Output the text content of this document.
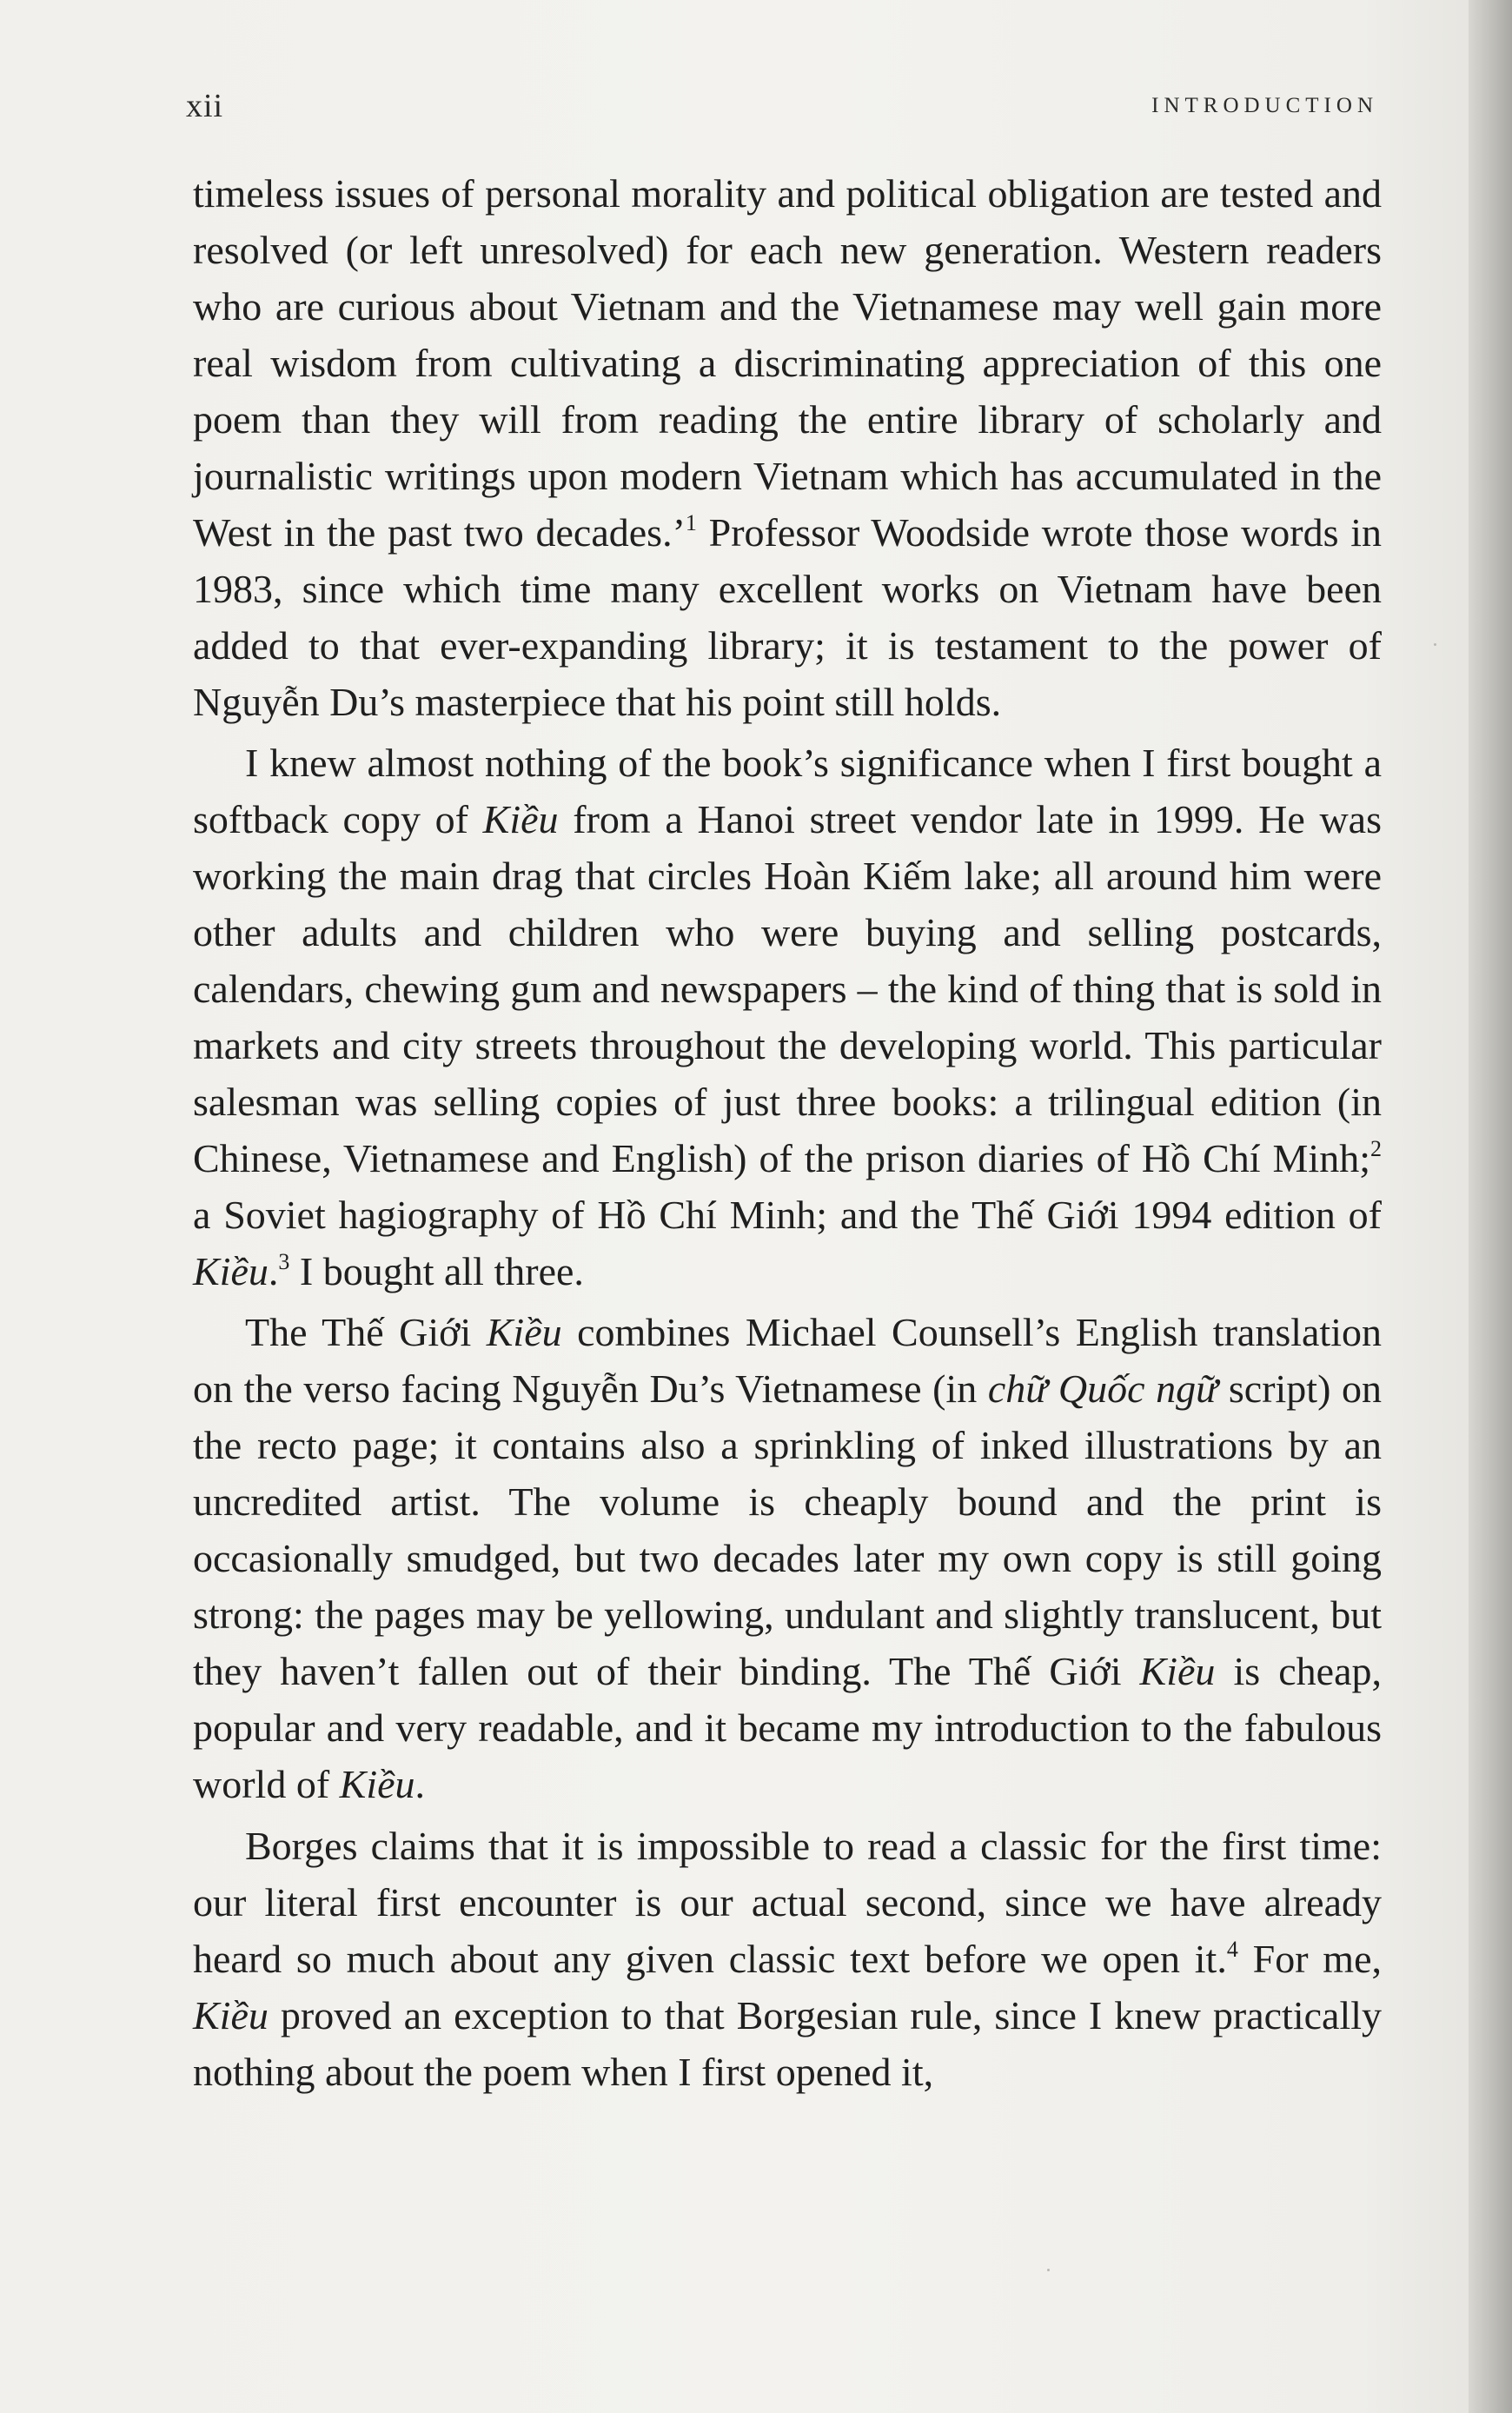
xii	INTRODUCTION

timeless issues of personal morality and political obligation are tested and resolved (or left unresolved) for each new generation. Western readers who are curious about Vietnam and the Vietnamese may well gain more real wisdom from cultivating a discriminating appreciation of this one poem than they will from reading the entire library of scholarly and journalistic writings upon modern Vietnam which has accumulated in the West in the past two decades.’$^1$ Professor Woodside wrote those words in 1983, since which time many excellent works on Vietnam have been added to that ever-expanding library; it is testament to the power of Nguyễn Du’s masterpiece that his point still holds.

I knew almost nothing of the book’s significance when I first bought a softback copy of Kiều from a Hanoi street vendor late in 1999. He was working the main drag that circles Hoàn Kiếm lake; all around him were other adults and children who were buying and selling postcards, calendars, chewing gum and newspapers – the kind of thing that is sold in markets and city streets throughout the developing world. This particular salesman was selling copies of just three books: a trilingual edition (in Chinese, Vietnamese and English) of the prison diaries of Hồ Chí Minh;$^2$ a Soviet hagiography of Hồ Chí Minh; and the Thế Giới 1994 edition of Kiều.$^3$ I bought all three.

The Thế Giới Kiều combines Michael Counsell’s English translation on the verso facing Nguyễn Du’s Vietnamese (in chữ Quốc ngữ script) on the recto page; it contains also a sprinkling of inked illustrations by an uncredited artist. The volume is cheaply bound and the print is occasionally smudged, but two decades later my own copy is still going strong: the pages may be yellowing, undulant and slightly translucent, but they haven’t fallen out of their binding. The Thế Giới Kiều is cheap, popular and very readable, and it became my introduction to the fabulous world of Kiều.

Borges claims that it is impossible to read a classic for the first time: our literal first encounter is our actual second, since we have already heard so much about any given classic text before we open it.$^4$ For me, Kiều proved an exception to that Borgesian rule, since I knew practically nothing about the poem when I first opened it,
